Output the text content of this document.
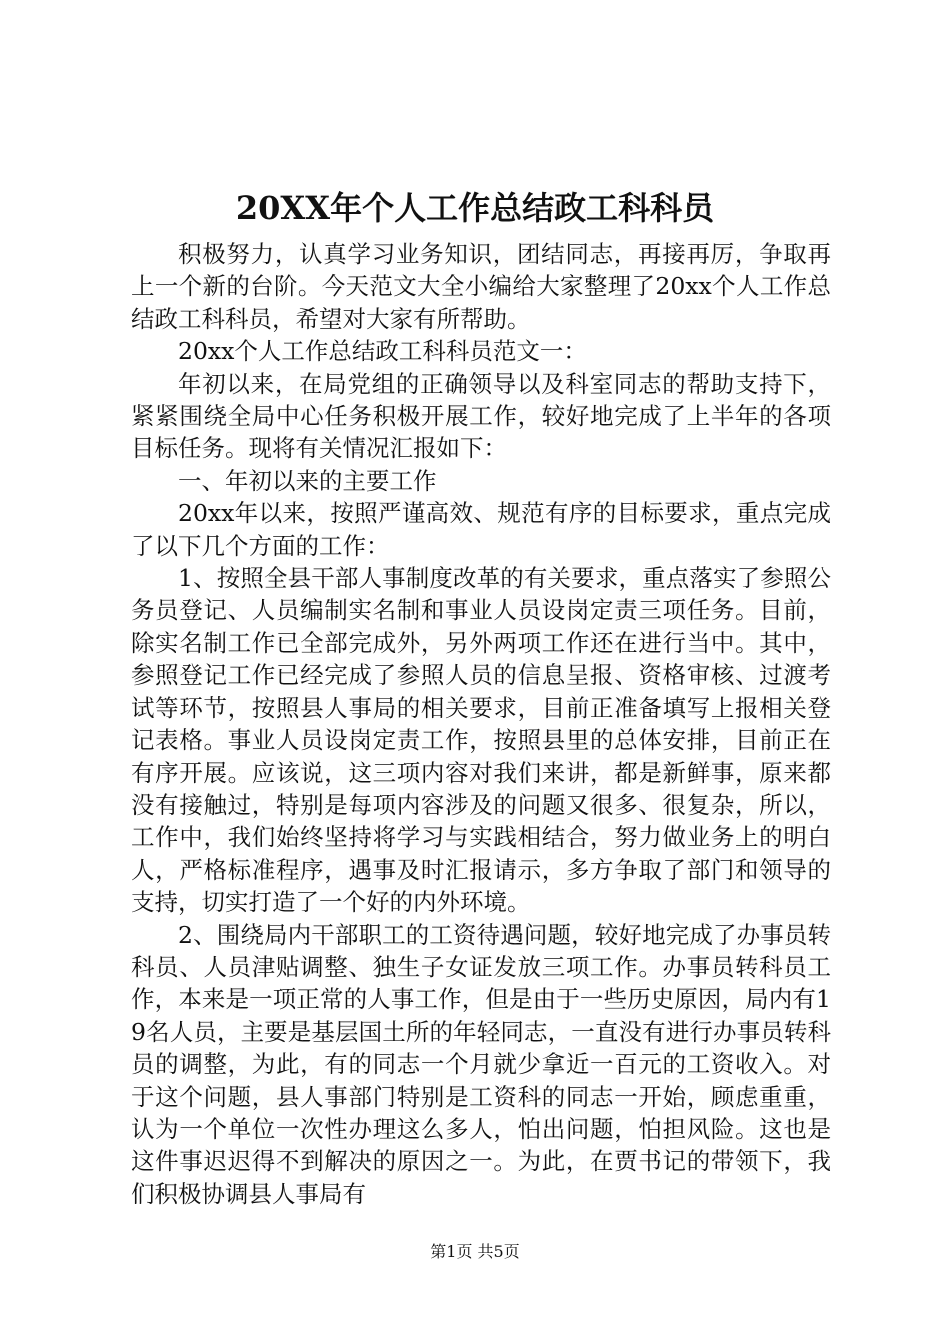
20XX年个人工作总结政工科科员

积极努力，认真学习业务知识，团结同志，再接再厉，争取再上一个新的台阶。今天范文大全小编给大家整理了20xx个人工作总结政工科科员，希望对大家有所帮助。

20xx个人工作总结政工科科员范文一：

年初以来，在局党组的正确领导以及科室同志的帮助支持下，紧紧围绕全局中心任务积极开展工作，较好地完成了上半年的各项目标任务。现将有关情况汇报如下：

一、年初以来的主要工作

20xx年以来，按照严谨高效、规范有序的目标要求，重点完成了以下几个方面的工作：

1、按照全县干部人事制度改革的有关要求，重点落实了参照公务员登记、人员编制实名制和事业人员设岗定责三项任务。目前，除实名制工作已全部完成外，另外两项工作还在进行当中。其中，参照登记工作已经完成了参照人员的信息呈报、资格审核、过渡考试等环节，按照县人事局的相关要求，目前正准备填写上报相关登记表格。事业人员设岗定责工作，按照县里的总体安排，目前正在有序开展。应该说，这三项内容对我们来讲，都是新鲜事，原来都没有接触过，特别是每项内容涉及的问题又很多、很复杂，所以，工作中，我们始终坚持将学习与实践相结合，努力做业务上的明白人，严格标准程序，遇事及时汇报请示，多方争取了部门和领导的支持，切实打造了一个好的内外环境。

2、围绕局内干部职工的工资待遇问题，较好地完成了办事员转科员、人员津贴调整、独生子女证发放三项工作。办事员转科员工作，本来是一项正常的人事工作，但是由于一些历史原因，局内有19名人员，主要是基层国土所的年轻同志，一直没有进行办事员转科员的调整，为此，有的同志一个月就少拿近一百元的工资收入。对于这个问题，县人事部门特别是工资科的同志一开始，顾虑重重，认为一个单位一次性办理这么多人，怕出问题，怕担风险。这也是这件事迟迟得不到解决的原因之一。为此，在贾书记的带领下，我们积极协调县人事局有

第1页 共5页
